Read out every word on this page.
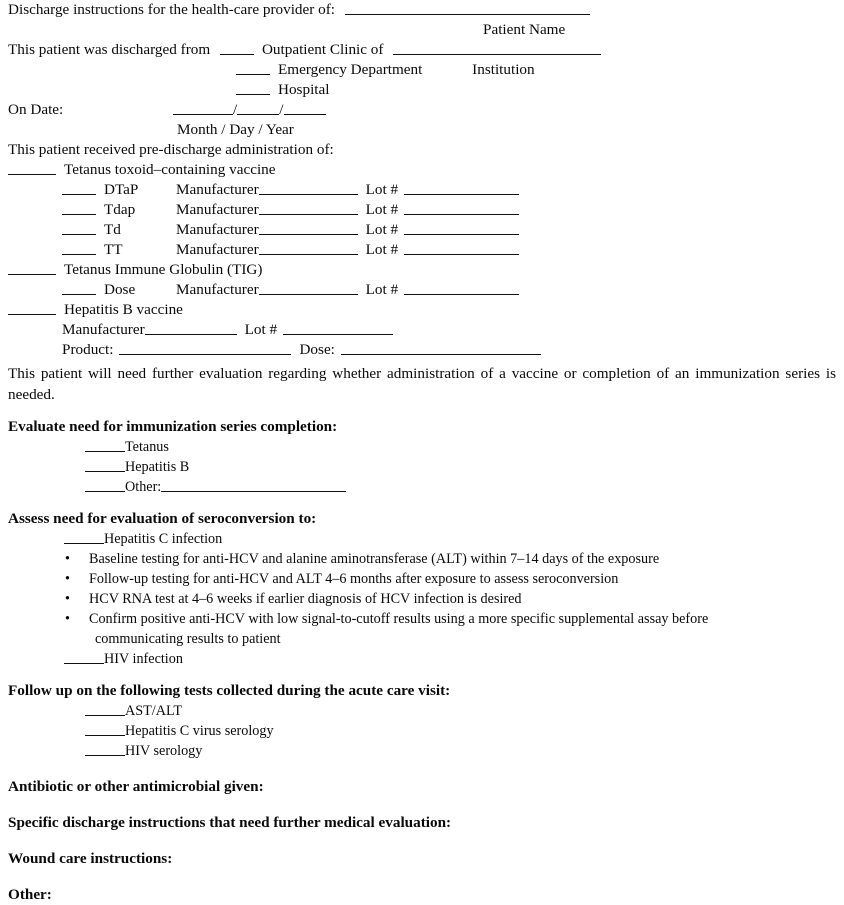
Discharge instructions for the health-care provider of:
Patient Name
This patient was discharged from	Outpatient Clinic of
Emergency Department	Institution
Hospital
On Date:	/	/
Month / Day / Year
This patient received pre-discharge administration of:
Tetanus toxoid–containing vaccine
DTaP Manufacturer	Lot #
Tdap	Manufacturer	Lot #
Td	Manufacturer	Lot #
TT	Manufacturer	Lot #
Tetanus Immune Globulin (TIG)
Dose	Manufacturer	Lot #
Hepatitis B vaccine
Manufacturer	Lot #
Product:	Dose:
This patient will need further evaluation regarding whether administration of a vaccine or completion of an immunization series is needed.
Evaluate need for immunization series completion:
Tetanus
Hepatitis B
Other:
Assess need for evaluation of seroconversion to:
Hepatitis C infection
• Baseline testing for anti-HCV and alanine aminotransferase (ALT) within 7–14 days of the exposure
• Follow-up testing for anti-HCV and ALT 4–6 months after exposure to assess seroconversion
• HCV RNA test at 4–6 weeks if earlier diagnosis of HCV infection is desired
• Confirm positive anti-HCV with low signal-to-cutoff results using a more specific supplemental assay before
communicating results to patient
HIV infection
Follow up on the following tests collected during the acute care visit:
AST/ALT
Hepatitis C virus serology
HIV serology
Antibiotic or other antimicrobial given:
Specific discharge instructions that need further medical evaluation:
Wound care instructions:
Other:
